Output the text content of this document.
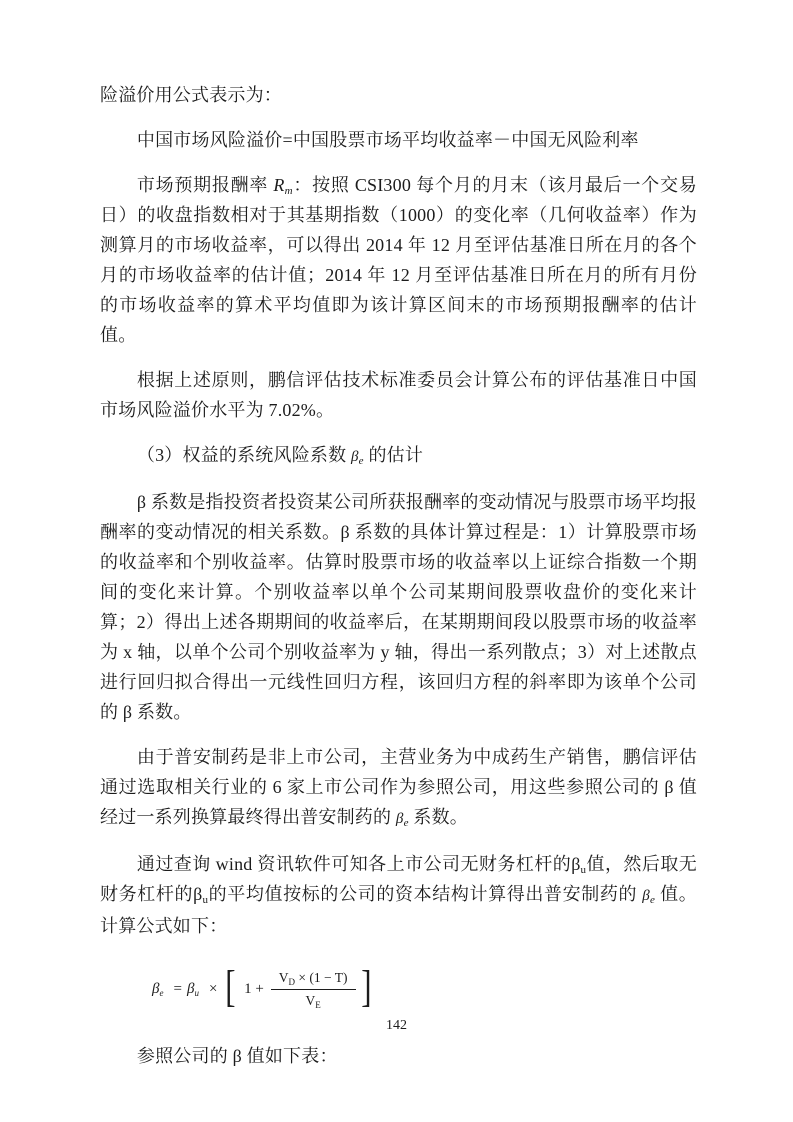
险溢价用公式表示为：

中国市场风险溢价=中国股票市场平均收益率－中国无风险利率

市场预期报酬率 $R_m$：按照 CSI300 每个月的月末（该月最后一个交易日）的收盘指数相对于其基期指数（1000）的变化率（几何收益率）作为测算月的市场收益率，可以得出 2014 年 12 月至评估基准日所在月的各个月的市场收益率的估计值；2014 年 12 月至评估基准日所在月的所有月份的市场收益率的算术平均值即为该计算区间末的市场预期报酬率的估计值。

根据上述原则，鹏信评估技术标准委员会计算公布的评估基准日中国市场风险溢价水平为 7.02%。

（3）权益的系统风险系数 $\beta_e$ 的估计

β 系数是指投资者投资某公司所获报酬率的变动情况与股票市场平均报酬率的变动情况的相关系数。β 系数的具体计算过程是：1）计算股票市场的收益率和个别收益率。估算时股票市场的收益率以上证综合指数一个期间的变化来计算。个别收益率以单个公司某期间股票收盘价的变化来计算；2）得出上述各期期间的收益率后，在某期期间段以股票市场的收益率为 x 轴，以单个公司个别收益率为 y 轴，得出一系列散点；3）对上述散点进行回归拟合得出一元线性回归方程，该回归方程的斜率即为该单个公司的 β 系数。

由于普安制药是非上市公司，主营业务为中成药生产销售，鹏信评估通过选取相关行业的 6 家上市公司作为参照公司，用这些参照公司的 β 值经过一系列换算最终得出普安制药的 $\beta_e$ 系数。

通过查询 wind 资讯软件可知各上市公司无财务杠杆的$\beta_u$值，然后取无财务杠杆的$\beta_u$的平均值按标的公司的资本结构计算得出普安制药的 $\beta_e$ 值。计算公式如下：

$\beta_e = \beta_u$ × [ $1 + \frac{V_D \times (1 - T)}{V_E}$ ]

参照公司的 β 值如下表：

142
